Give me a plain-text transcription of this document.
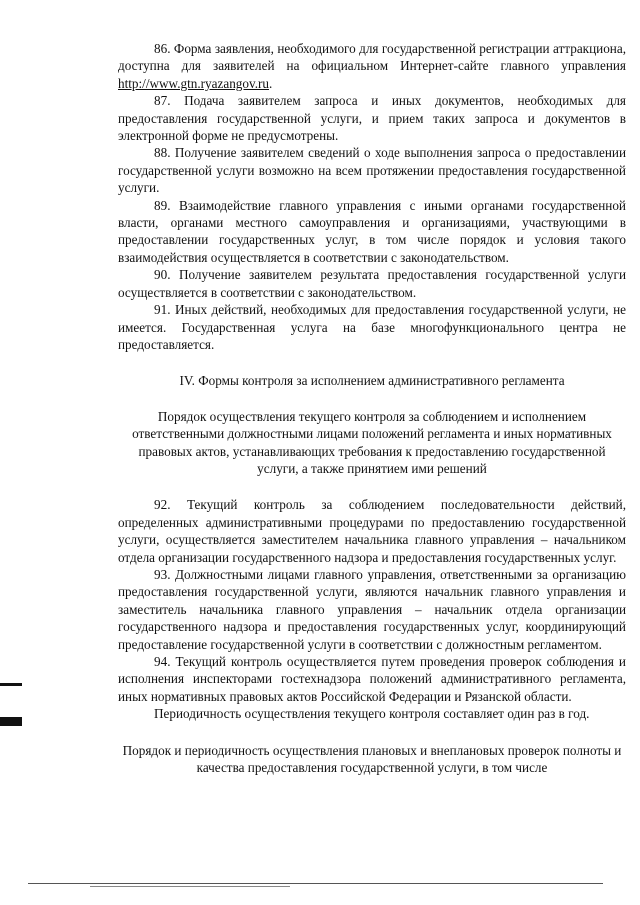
86. Форма заявления, необходимого для государственной регистрации аттракциона, доступна для заявителей на официальном Интернет-сайте главного управления http://www.gtn.ryazangov.ru.

87. Подача заявителем запроса и иных документов, необходимых для предоставления государственной услуги, и прием таких запроса и документов в электронной форме не предусмотрены.

88. Получение заявителем сведений о ходе выполнения запроса о предоставлении государственной услуги возможно на всем протяжении предоставления государственной услуги.

89. Взаимодействие главного управления с иными органами государственной власти, органами местного самоуправления и организациями, участвующими в предоставлении государственных услуг, в том числе порядок и условия такого взаимодействия осуществляется в соответствии с законодательством.

90. Получение заявителем результата предоставления государственной услуги осуществляется в соответствии с законодательством.

91. Иных действий, необходимых для предоставления государственной услуги, не имеется. Государственная услуга на базе многофункционального центра не предоставляется.

IV. Формы контроля за исполнением административного регламента

Порядок осуществления текущего контроля за соблюдением и исполнением ответственными должностными лицами положений регламента и иных нормативных правовых актов, устанавливающих требования к предоставлению государственной услуги, а также принятием ими решений

92. Текущий контроль за соблюдением последовательности действий, определенных административными процедурами по предоставлению государственной услуги, осуществляется заместителем начальника главного управления – начальником отдела организации государственного надзора и предоставления государственных услуг.

93. Должностными лицами главного управления, ответственными за организацию предоставления государственной услуги, являются начальник главного управления и заместитель начальника главного управления – начальник отдела организации государственного надзора и предоставления государственных услуг, координирующий предоставление государственной услуги в соответствии с должностным регламентом.

94. Текущий контроль осуществляется путем проведения проверок соблюдения и исполнения инспекторами гостехнадзора положений административного регламента, иных нормативных правовых актов Российской Федерации и Рязанской области.

Периодичность осуществления текущего контроля составляет один раз в год.

Порядок и периодичность осуществления плановых и внеплановых проверок полноты и качества предоставления государственной услуги, в том числе
